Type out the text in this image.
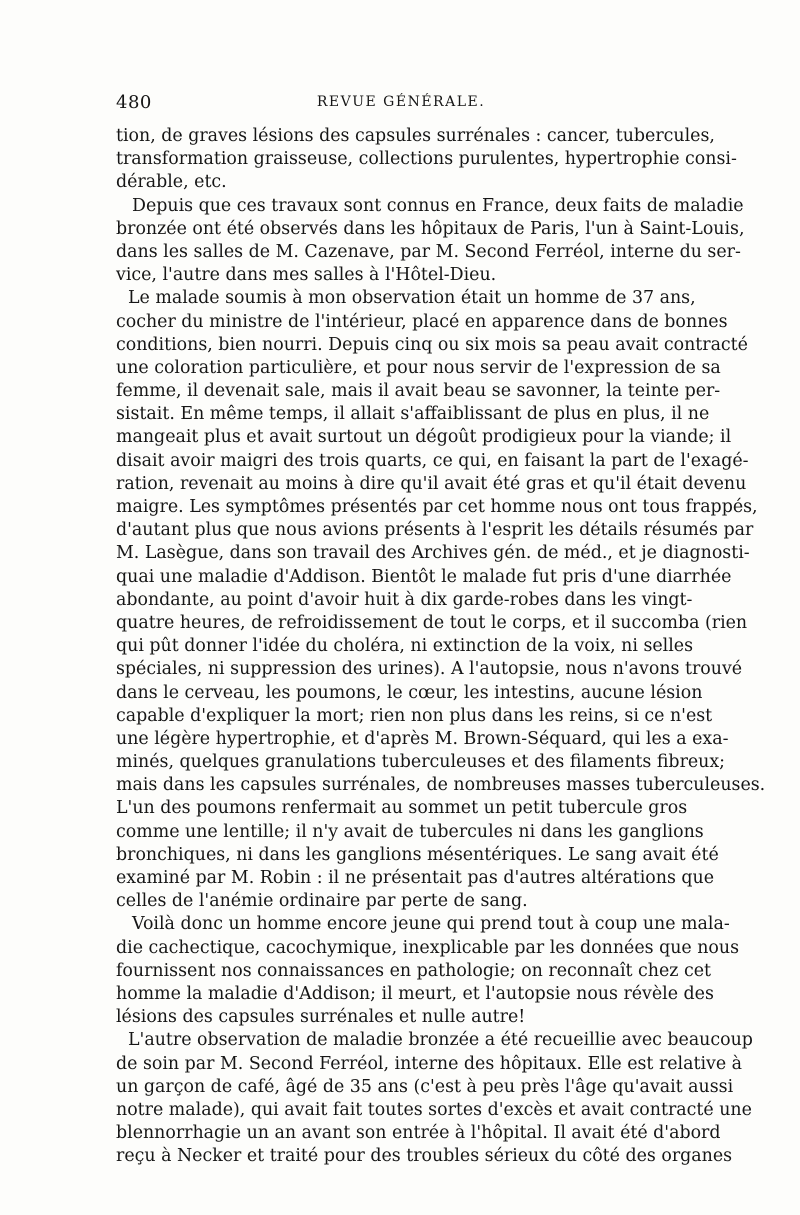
480	REVUE GÉNÉRALE.
tion, de graves lésions des capsules surrénales : cancer, tubercules,
transformation graisseuse, collections purulentes, hypertrophie consi-
dérable, etc.
Depuis que ces travaux sont connus en France, deux faits de maladie
bronzée ont été observés dans les hôpitaux de Paris, l'un à Saint-Louis,
dans les salles de M. Cazenave, par M. Second Ferréol, interne du ser-
vice, l'autre dans mes salles à l'Hôtel-Dieu.
Le malade soumis à mon observation était un homme de 37 ans,
cocher du ministre de l'intérieur, placé en apparence dans de bonnes
conditions, bien nourri. Depuis cinq ou six mois sa peau avait contracté
une coloration particulière, et pour nous servir de l'expression de sa
femme, il devenait sale, mais il avait beau se savonner, la teinte per-
sistait. En même temps, il allait s'affaiblissant de plus en plus, il ne
mangeait plus et avait surtout un dégoût prodigieux pour la viande; il
disait avoir maigri des trois quarts, ce qui, en faisant la part de l'exagé-
ration, revenait au moins à dire qu'il avait été gras et qu'il était devenu
maigre. Les symptômes présentés par cet homme nous ont tous frappés,
d'autant plus que nous avions présents à l'esprit les détails résumés par
M. Lasègue, dans son travail des Archives gén. de méd., et je diagnosti-
quai une maladie d'Addison. Bientôt le malade fut pris d'une diarrhée
abondante, au point d'avoir huit à dix garde-robes dans les vingt-
quatre heures, de refroidissement de tout le corps, et il succomba (rien
qui pût donner l'idée du choléra, ni extinction de la voix, ni selles
spéciales, ni suppression des urines). A l'autopsie, nous n'avons trouvé
dans le cerveau, les poumons, le cœur, les intestins, aucune lésion
capable d'expliquer la mort; rien non plus dans les reins, si ce n'est
une légère hypertrophie, et d'après M. Brown-Séquard, qui les a exa-
minés, quelques granulations tuberculeuses et des filaments fibreux;
mais dans les capsules surrénales, de nombreuses masses tuberculeuses.
L'un des poumons renfermait au sommet un petit tubercule gros
comme une lentille; il n'y avait de tubercules ni dans les ganglions
bronchiques, ni dans les ganglions mésentériques. Le sang avait été
examiné par M. Robin : il ne présentait pas d'autres altérations que
celles de l'anémie ordinaire par perte de sang.
Voilà donc un homme encore jeune qui prend tout à coup une mala-
die cachectique, cacochymique, inexplicable par les données que nous
fournissent nos connaissances en pathologie; on reconnaît chez cet
homme la maladie d'Addison; il meurt, et l'autopsie nous révèle des
lésions des capsules surrénales et nulle autre!
L'autre observation de maladie bronzée a été recueillie avec beaucoup
de soin par M. Second Ferréol, interne des hôpitaux. Elle est relative à
un garçon de café, âgé de 35 ans (c'est à peu près l'âge qu'avait aussi
notre malade), qui avait fait toutes sortes d'excès et avait contracté une
blennorrhagie un an avant son entrée à l'hôpital. Il avait été d'abord
reçu à Necker et traité pour des troubles sérieux du côté des organes
